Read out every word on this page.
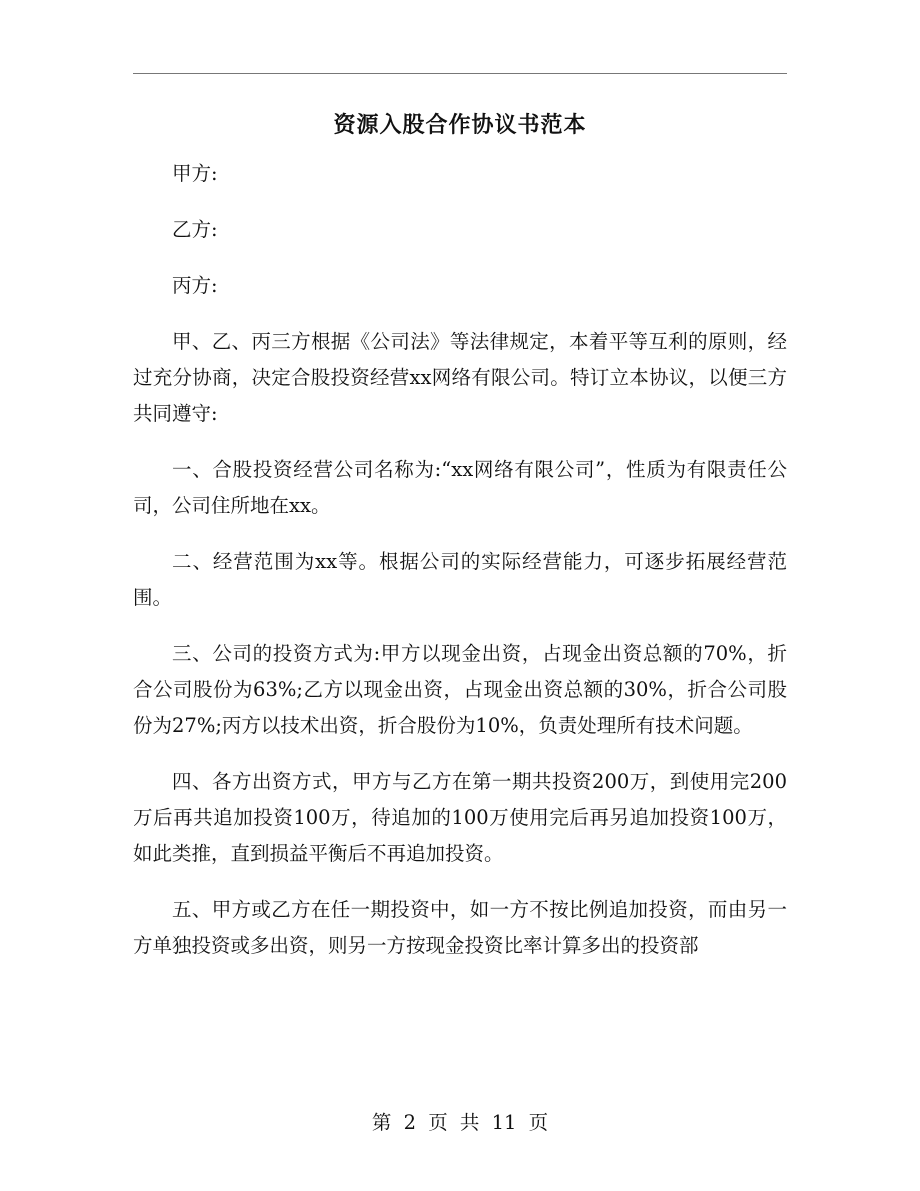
资源入股合作协议书范本

甲方:

乙方:

丙方:

甲、乙、丙三方根据《公司法》等法律规定，本着平等互利的原则，经过充分协商，决定合股投资经营xx网络有限公司。特订立本协议，以便三方共同遵守:

一、合股投资经营公司名称为:“xx网络有限公司”，性质为有限责任公司，公司住所地在xx。

二、经营范围为xx等。根据公司的实际经营能力，可逐步拓展经营范围。

三、公司的投资方式为:甲方以现金出资，占现金出资总额的70%，折合公司股份为63%;乙方以现金出资，占现金出资总额的30%，折合公司股份为27%;丙方以技术出资，折合股份为10%，负责处理所有技术问题。

四、各方出资方式，甲方与乙方在第一期共投资200万，到使用完200万后再共追加投资100万，待追加的100万使用完后再另追加投资100万，如此类推，直到损益平衡后不再追加投资。

五、甲方或乙方在任一期投资中，如一方不按比例追加投资，而由另一方单独投资或多出资，则另一方按现金投资比率计算多出的投资部

第 2 页 共 11 页
